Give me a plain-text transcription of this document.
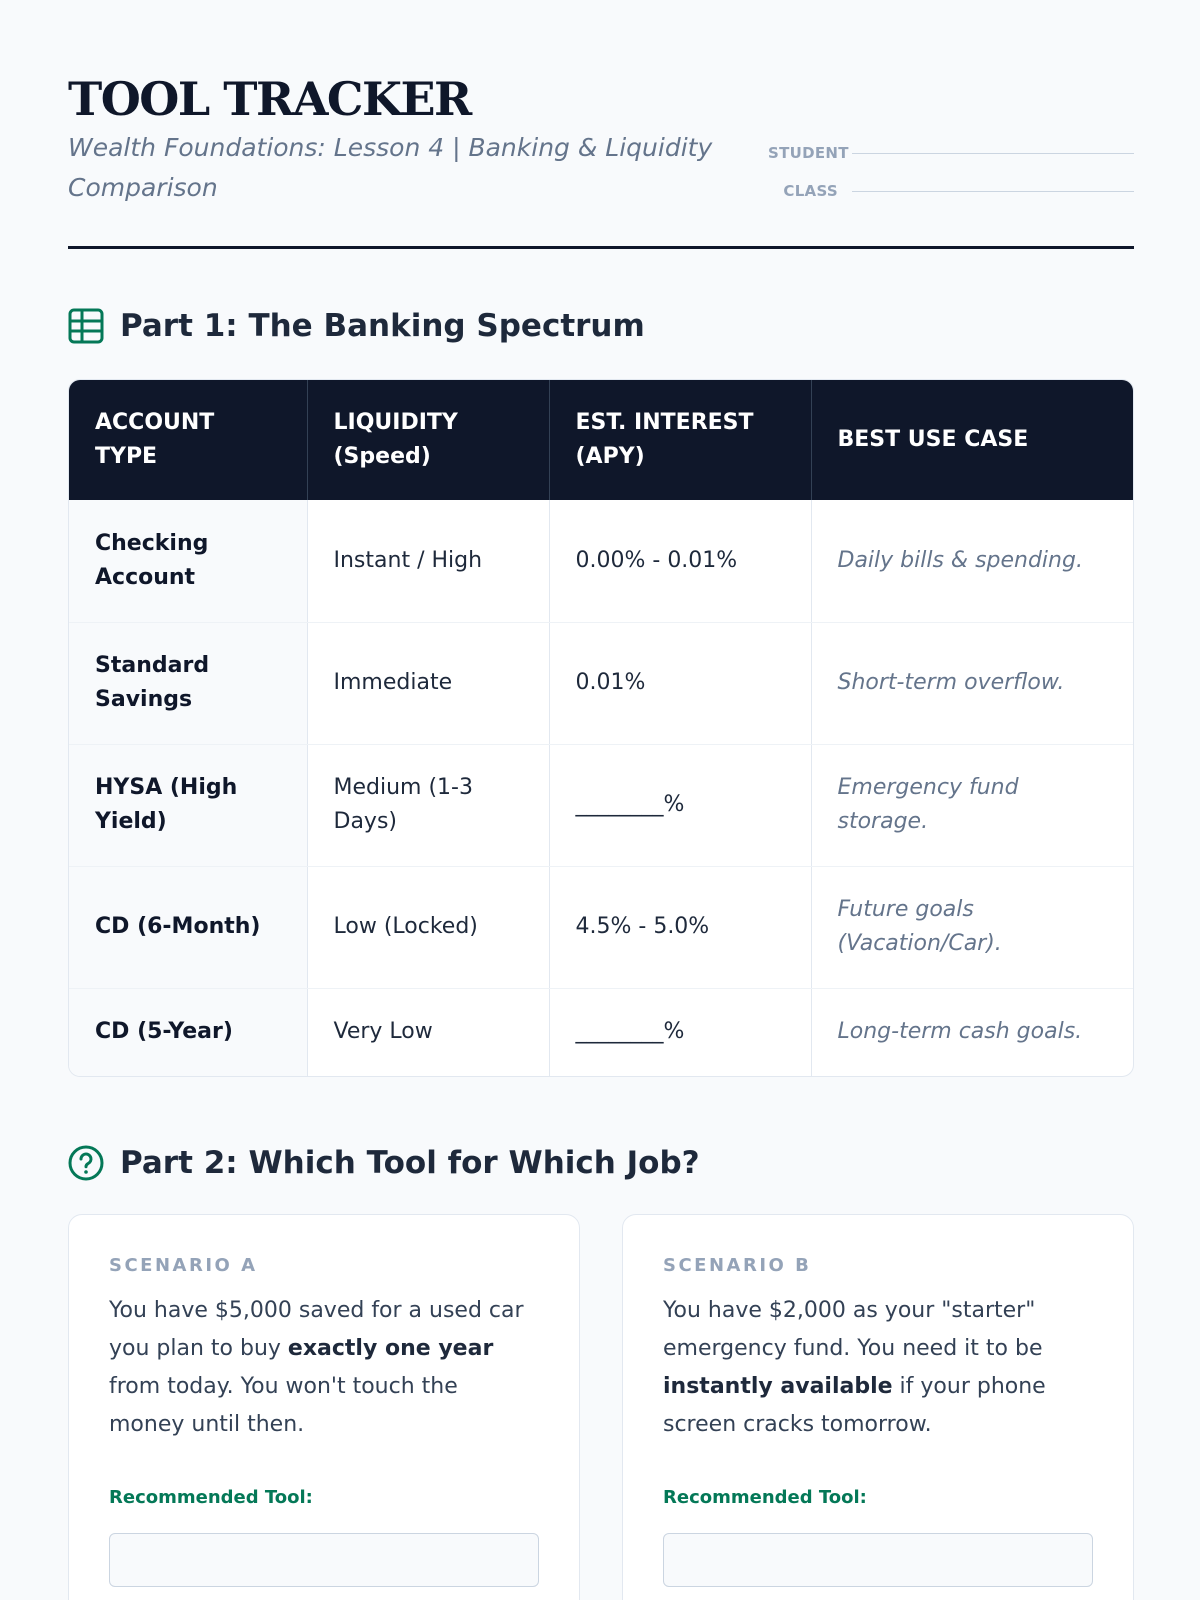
TOOL TRACKER

Wealth Foundations: Lesson 4 | Banking & Liquidity Comparison

STUDENT
CLASS
Part 1: The Banking Spectrum
ACCOUNT TYPE	LIQUIDITY (Speed)	EST. INTEREST (APY)	BEST USE CASE
Checking Account	Instant / High	0.00% - 0.01%	Daily bills & spending.
Standard Savings	Immediate	0.01%	Short-term overflow.
HYSA (High Yield)	Medium (1-3 Days)	________%	Emergency fund storage.
CD (6-Month)	Low (Locked)	4.5% - 5.0%	Future goals (Vacation/Car).
CD (5-Year)	Very Low	________%	Long-term cash goals.
Part 2: Which Tool for Which Job?
SCENARIO A

You have $5,000 saved for a used car you plan to buy exactly one year from today. You won't touch the money until then.

Recommended Tool:
SCENARIO B

You have $2,000 as your "starter" emergency fund. You need it to be instantly available if your phone screen cracks tomorrow.

Recommended Tool:
